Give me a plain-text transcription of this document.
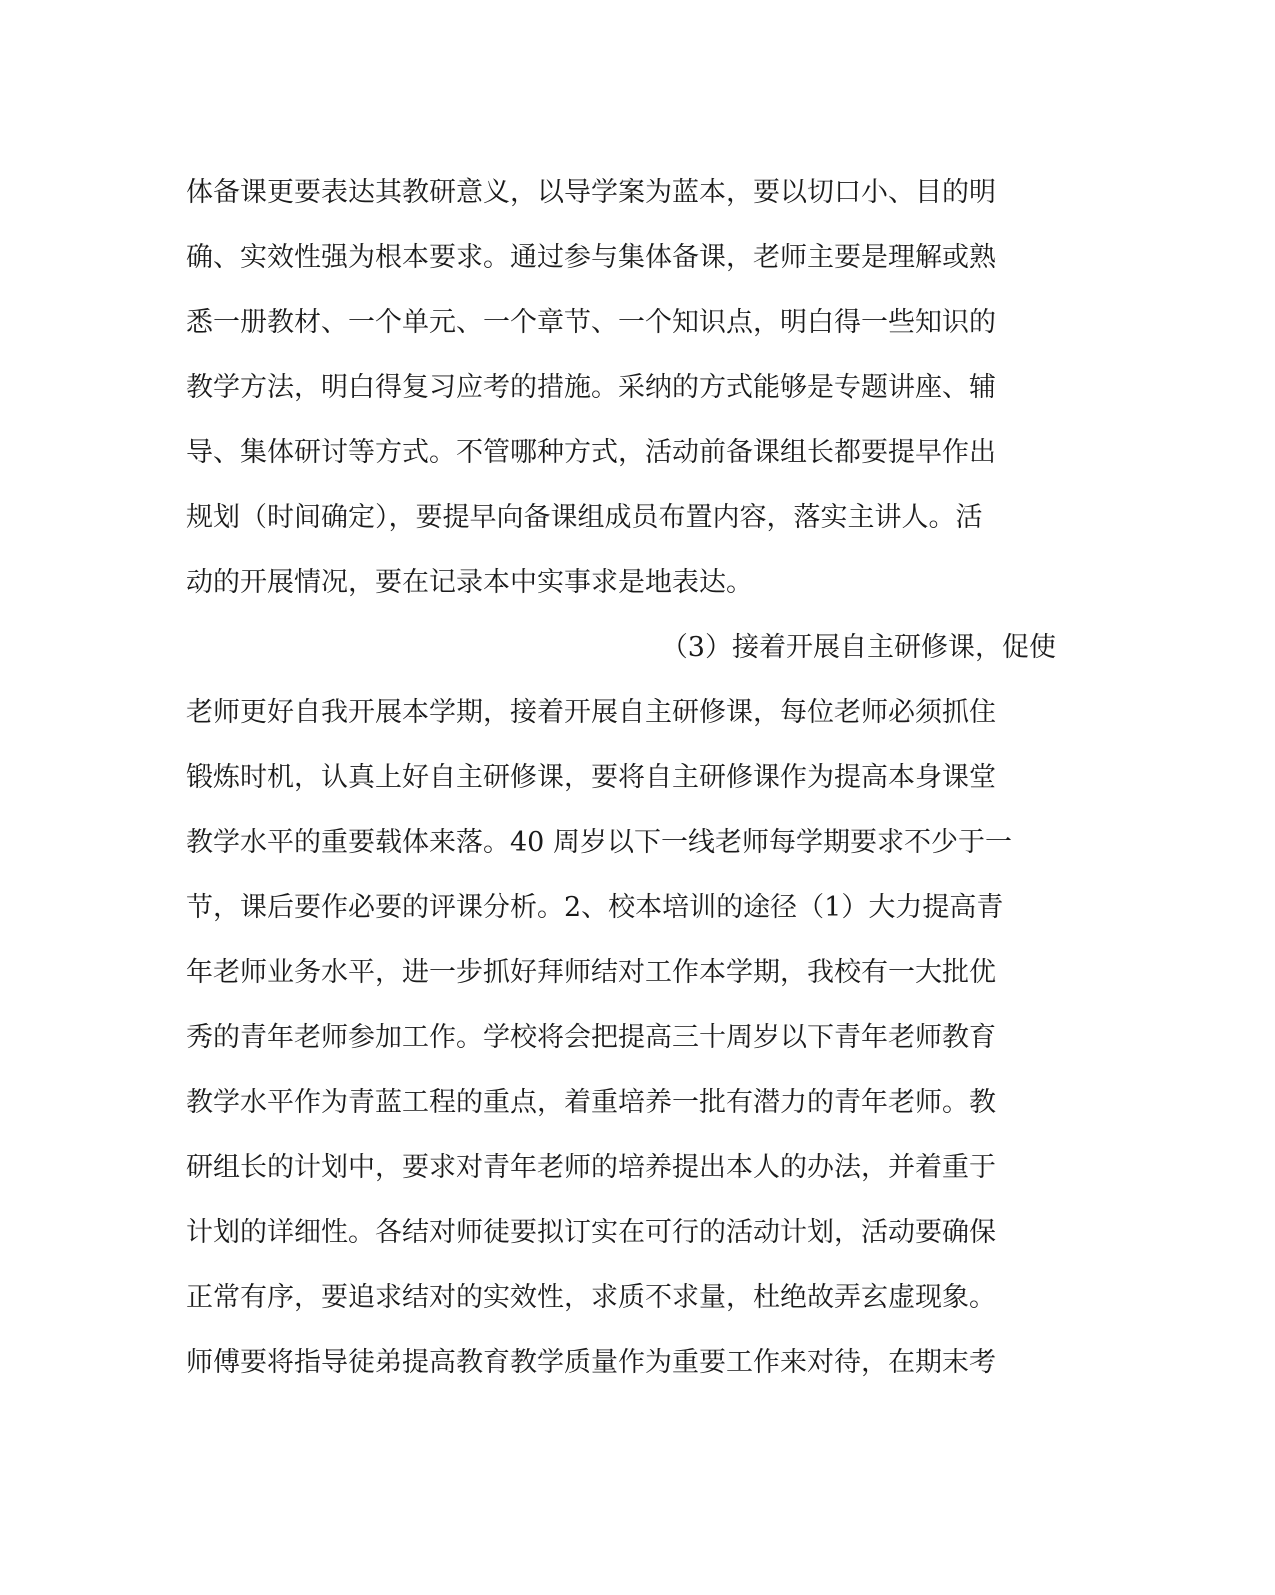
体备课更要表达其教研意义，以导学案为蓝本，要以切口小、目的明
确、实效性强为根本要求。通过参与集体备课，老师主要是理解或熟
悉一册教材、一个单元、一个章节、一个知识点，明白得一些知识的
教学方法，明白得复习应考的措施。采纳的方式能够是专题讲座、辅
导、集体研讨等方式。不管哪种方式，活动前备课组长都要提早作出
规划（时间确定），要提早向备课组成员布置内容，落实主讲人。活
动的开展情况，要在记录本中实事求是地表达。
（3）接着开展自主研修课，促使
老师更好自我开展本学期，接着开展自主研修课，每位老师必须抓住
锻炼时机，认真上好自主研修课，要将自主研修课作为提高本身课堂
教学水平的重要载体来落。40 周岁以下一线老师每学期要求不少于一
节，课后要作必要的评课分析。2、校本培训的途径（1）大力提高青
年老师业务水平，进一步抓好拜师结对工作本学期，我校有一大批优
秀的青年老师参加工作。学校将会把提高三十周岁以下青年老师教育
教学水平作为青蓝工程的重点，着重培养一批有潜力的青年老师。教
研组长的计划中，要求对青年老师的培养提出本人的办法，并着重于
计划的详细性。各结对师徒要拟订实在可行的活动计划，活动要确保
正常有序，要追求结对的实效性，求质不求量，杜绝故弄玄虚现象。
师傅要将指导徒弟提高教育教学质量作为重要工作来对待，在期末考
